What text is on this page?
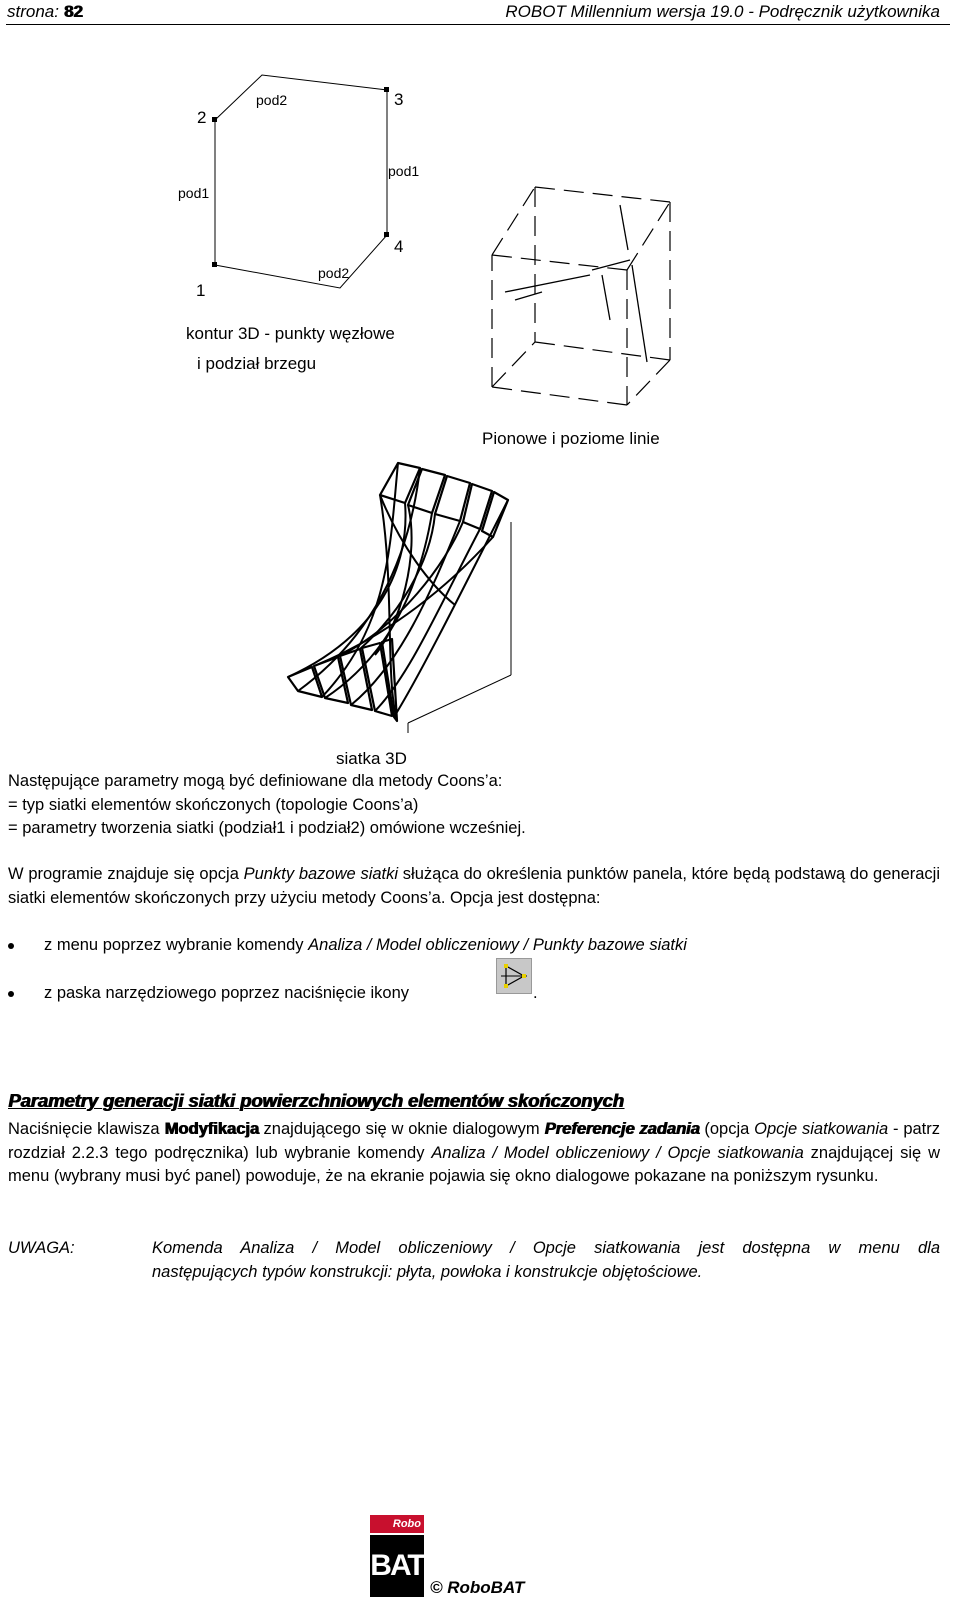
strona: 82	ROBOT Millennium wersja 19.0 - Podręcznik użytkownika
2
3
4
1
pod2
pod1
pod1
pod2
kontur 3D - punkty węzłowe
i podział brzegu
Pionowe i poziome linie
siatka 3D
Następujące parametry mogą być definiowane dla metody Coons’a:
= typ siatki elementów skończonych (topologie Coons’a)
= parametry tworzenia siatki (podział1 i podział2) omówione wcześniej.
W programie znajduje się opcja Punkty bazowe siatki służąca do określenia punktów panela, które będą podstawą do generacji siatki elementów skończonych przy użyciu metody Coons’a. Opcja jest dostępna:
z menu poprzez wybranie komendy Analiza / Model obliczeniowy / Punkty bazowe siatki
z paska narzędziowego poprzez naciśnięcie ikony	.
Parametry generacji siatki powierzchniowych elementów skończonych
Naciśnięcie klawisza Modyfikacja znajdującego się w oknie dialogowym Preferencje zadania (opcja Opcje siatkowania - patrz rozdział 2.2.3 tego podręcznika) lub wybranie komendy Analiza / Model obliczeniowy / Opcje siatkowania znajdującej się w menu (wybrany musi być panel) powoduje, że na ekranie pojawia się okno dialogowe pokazane na poniższym rysunku.
UWAGA:	Komenda Analiza / Model obliczeniowy / Opcje siatkowania jest dostępna w menu dla
następujących typów konstrukcji: płyta, powłoka i konstrukcje objętościowe.
Robo
BAT
© RoboBAT
